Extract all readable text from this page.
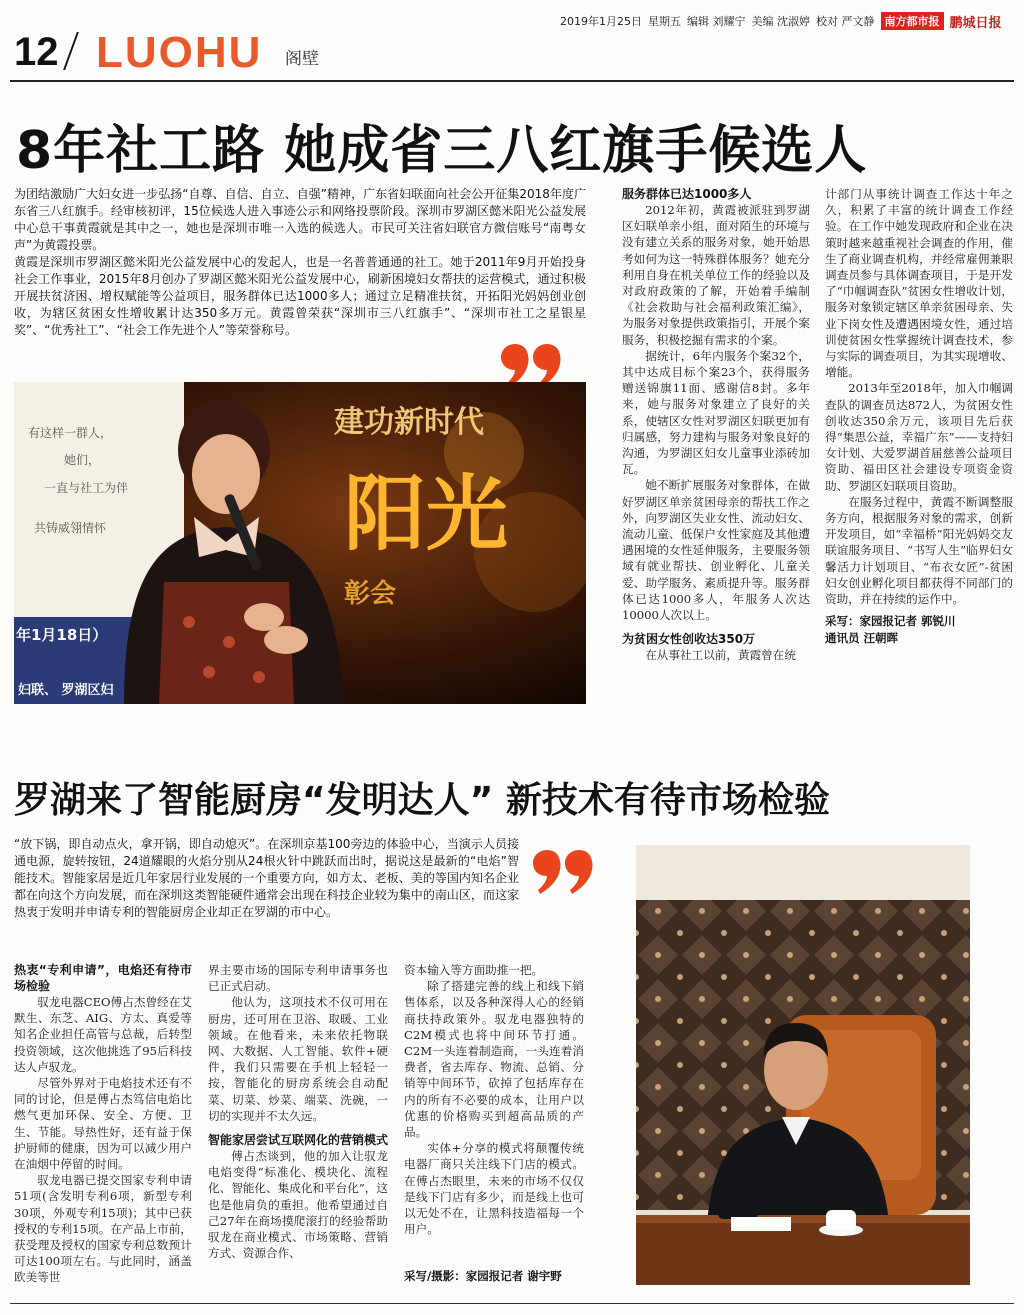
2019年1月25日 星期五 编辑 刘耀宁 美编 沈淑婷 校对 严文静 南方都市报 鹏城日报
12 LUOHU 阁壁
8年社工路 她成省三八红旗手候选人

为团结激励广大妇女进一步弘扬“自尊、自信、自立、自强”精神，广东省妇联面向社会公开征集2018年度广东省三八红旗手。经审核初评，15位候选人进入事迹公示和网络投票阶段。深圳市罗湖区懿米阳光公益发展中心总干事黄霞就是其中之一，她也是深圳市唯一入选的候选人。市民可关注省妇联官方微信账号“南粤女声”为黄霞投票。

黄霞是深圳市罗湖区懿米阳光公益发展中心的发起人，也是一名普普通通的社工。她于2011年9月开始投身社会工作事业，2015年8月创办了罗湖区懿米阳光公益发展中心，刷新困境妇女帮扶的运营模式，通过积极开展扶贫济困、增权赋能等公益项目，服务群体已达1000多人；通过立足精准扶贫，开拓阳光妈妈创业创收，为辖区贫困女性增收累计达350多万元。黄霞曾荣获“深圳市三八红旗手”、“深圳市社工之星银星奖”、“优秀社工”、“社会工作先进个人”等荣誉称号。

有这样一群人，
她们，
一直与社工为伴
共铸威翎情怀
建功新时代
阳光
彰会
年1月18日）
妇联、 罗湖区妇
服务群体已达1000多人

2012年初，黄霞被派驻到罗湖区妇联单亲小组，面对陌生的环境与没有建立关系的服务对象，她开始思考如何为这一特殊群体服务？她充分利用自身在机关单位工作的经验以及对政府政策的了解，开始着手编制《社会救助与社会福利政策汇编》，为服务对象提供政策指引，开展个案服务，积极挖掘有需求的个案。

据统计，6年内服务个案32个，其中达成目标个案23个，获得服务赠送锦旗11面、感谢信8封。多年来，她与服务对象建立了良好的关系，使辖区女性对罗湖区妇联更加有归属感，努力建构与服务对象良好的沟通，为罗湖区妇女儿童事业添砖加瓦。

她不断扩展服务对象群体，在做好罗湖区单亲贫困母亲的帮扶工作之外，向罗湖区失业女性、流动妇女、流动儿童、低保户女性家庭及其他遭遇困境的女性延伸服务，主要服务领域有就业帮扶、创业孵化、儿童关爱、助学服务、素质提升等。服务群体已达1000多人，年服务人次达10000人次以上。

为贫困女性创收达350万

在从事社工以前，黄霞曾在统

计部门从事统计调查工作达十年之久，积累了丰富的统计调查工作经验。在工作中她发现政府和企业在决策时越来越重视社会调查的作用，催生了商业调查机构，并经常雇佣兼职调查员参与具体调查项目，于是开发了“巾帼调查队”贫困女性增收计划，服务对象锁定辖区单亲贫困母亲、失业下岗女性及遭遇困境女性，通过培训使贫困女性掌握统计调查技术，参与实际的调查项目，为其实现增收、增能。

2013年至2018年，加入巾帼调查队的调查员达872人，为贫困女性创收达350余万元，该项目先后获得“集思公益，幸福广东”——支持妇女计划、大爱罗湖首届慈善公益项目资助、福田区社会建设专项资金资助、罗湖区妇联项目资助。

在服务过程中，黄霞不断调整服务方向，根据服务对象的需求，创新开发项目，如“幸福桥”阳光妈妈交友联谊服务项目、“书写人生”临界妇女馨活力计划项目、“布衣女匠”-贫困妇女创业孵化项目都获得不同部门的资助，并在持续的运作中。

采写：家园报记者 郭锐川
通讯员 汪朝晖
罗湖来了智能厨房“发明达人” 新技术有待市场检验
“放下锅，即自动点火，拿开锅，即自动熄灭”。在深圳京基100旁边的体验中心，当演示人员接通电源，旋转按钮，24道耀眼的火焰分别从24根火针中跳跃而出时，据说这是最新的“电焰”智能技术。智能家居是近几年家居行业发展的一个重要方向，如方太、老板、美的等国内知名企业都在向这个方向发展，而在深圳这类智能硬件通常会出现在科技企业较为集中的南山区，而这家热衷于发明并申请专利的智能厨房企业却正在罗湖的市中心。
热衷“专利申请”，电焰还有待市场检验

驭龙电器CEO傅占杰曾经在艾默生、东芝、AIG、方太、真爱等知名企业担任高管与总裁，后转型投资领域，这次他挑选了95后科技达人卢驭龙。

尽管外界对于电焰技术还有不同的讨论，但是傅占杰笃信电焰比燃气更加环保、安全、方便、卫生、节能。导热性好，还有益于保护厨师的健康，因为可以减少用户在油烟中停留的时间。

驭龙电器已提交国家专利申请51项(含发明专利6项，新型专利30项，外观专利15项)；其中已获授权的专利15项。在产品上市前，获受理及授权的国家专利总数预计可达100项左右。与此同时，涵盖欧美等世

界主要市场的国际专利申请事务也已正式启动。

他认为，这项技术不仅可用在厨房，还可用在卫浴、取暖、工业领域。在他看来，未来依托物联网、大数据、人工智能、软件+硬件，我们只需要在手机上轻轻一按，智能化的厨房系统会自动配菜、切菜、炒菜、端菜、洗碗，一切的实现并不太久远。

智能家居尝试互联网化的营销模式

傅占杰谈到，他的加入让驭龙电焰变得“标准化、模块化、流程化、智能化、集成化和平台化”，这也是他肩负的重担。他希望通过自己27年在商场摸爬滚打的经验帮助驭龙在商业模式、市场策略、营销方式、资源合作、

资本输入等方面助推一把。

除了搭建完善的线上和线下销售体系，以及各种深得人心的经销商扶持政策外。驭龙电器独特的C2M模式也将中间环节打通。C2M一头连着制造商，一头连着消费者，省去库存、物流、总销、分销等中间环节，砍掉了包括库存在内的所有不必要的成本，让用户以优惠的价格购买到超高品质的产品。

实体+分享的模式将颠覆传统电器厂商只关注线下门店的模式。在傅占杰眼里，未来的市场不仅仅是线下门店有多少，而是线上也可以无处不在，让黑科技造福每一个用户。

采写/摄影：家园报记者 谢宇野
